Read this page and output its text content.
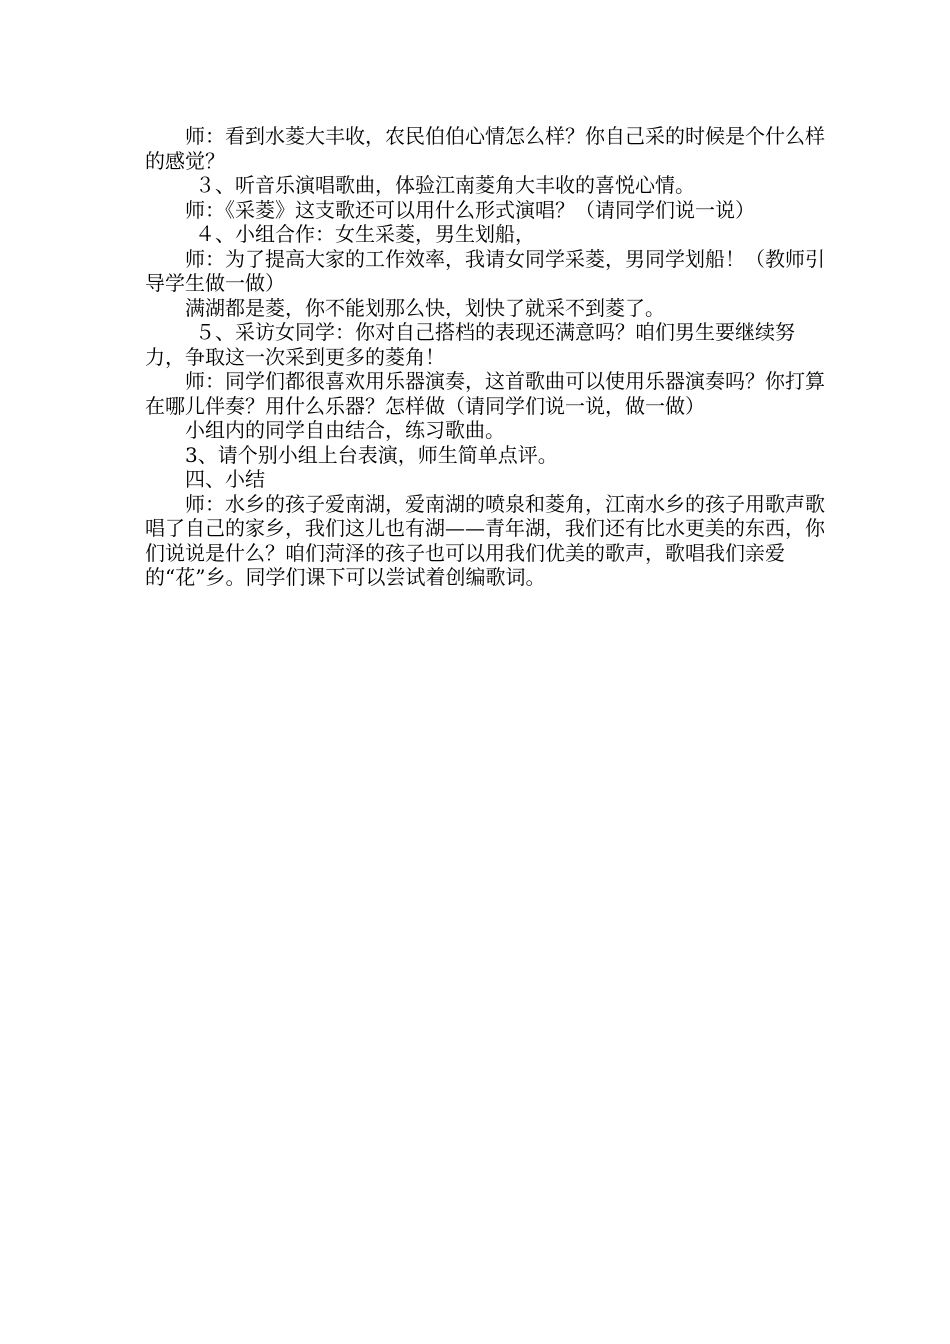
师：看到水菱大丰收，农民伯伯心情怎么样？你自己采的时候是个什么样的感觉？

３、听音乐演唱歌曲，体验江南菱角大丰收的喜悦心情。

师：《采菱》这支歌还可以用什么形式演唱？（请同学们说一说）

４、小组合作：女生采菱，男生划船，

师：为了提高大家的工作效率，我请女同学采菱，男同学划船！（教师引导学生做一做）

满湖都是菱，你不能划那么快，划快了就采不到菱了。

５、采访女同学：你对自己搭档的表现还满意吗？咱们男生要继续努力，争取这一次采到更多的菱角！

师：同学们都很喜欢用乐器演奏，这首歌曲可以使用乐器演奏吗？你打算在哪儿伴奏？用什么乐器？怎样做（请同学们说一说，做一做）

小组内的同学自由结合，练习歌曲。

3、请个别小组上台表演，师生简单点评。

四、小结

师：水乡的孩子爱南湖，爱南湖的喷泉和菱角，江南水乡的孩子用歌声歌唱了自己的家乡，我们这儿也有湖——青年湖，我们还有比水更美的东西，你们说说是什么？咱们菏泽的孩子也可以用我们优美的歌声，歌唱我们亲爱的“花”乡。同学们课下可以尝试着创编歌词。
